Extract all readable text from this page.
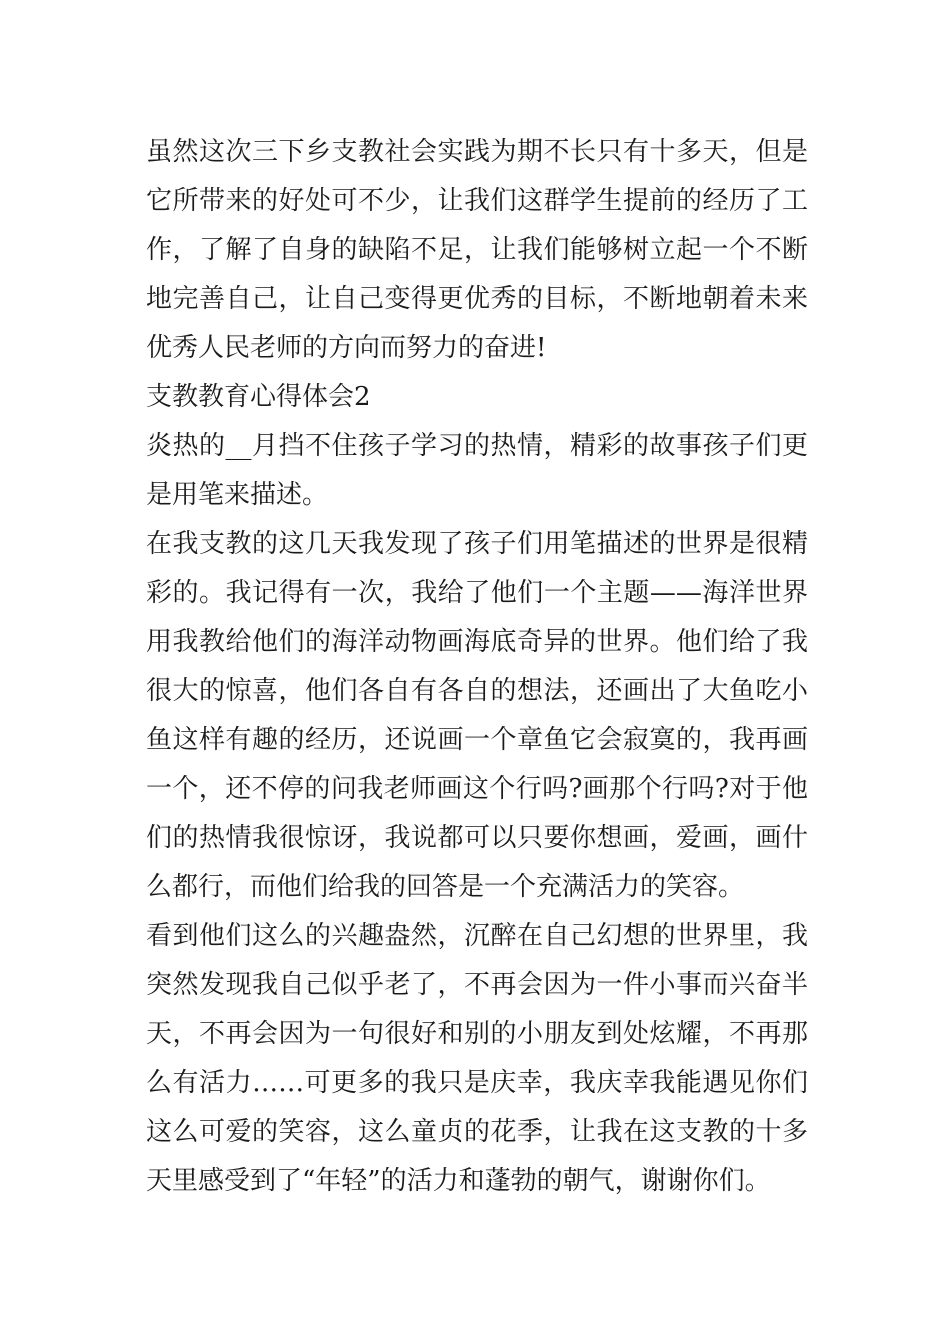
虽然这次三下乡支教社会实践为期不长只有十多天，但是它所带来的好处可不少，让我们这群学生提前的经历了工作，了解了自身的缺陷不足，让我们能够树立起一个不断地完善自己，让自己变得更优秀的目标，不断地朝着未来优秀人民老师的方向而努力的奋进!

支教教育心得体会2

炎热的__月挡不住孩子学习的热情，精彩的故事孩子们更是用笔来描述。

在我支教的这几天我发现了孩子们用笔描述的世界是很精彩的。我记得有一次，我给了他们一个主题——海洋世界用我教给他们的海洋动物画海底奇异的世界。他们给了我很大的惊喜，他们各自有各自的想法，还画出了大鱼吃小鱼这样有趣的经历，还说画一个章鱼它会寂寞的，我再画一个，还不停的问我老师画这个行吗?画那个行吗?对于他们的热情我很惊讶，我说都可以只要你想画，爱画，画什么都行，而他们给我的回答是一个充满活力的笑容。

看到他们这么的兴趣盎然，沉醉在自己幻想的世界里，我突然发现我自己似乎老了，不再会因为一件小事而兴奋半天，不再会因为一句很好和别的小朋友到处炫耀，不再那么有活力……可更多的我只是庆幸，我庆幸我能遇见你们这么可爱的笑容，这么童贞的花季，让我在这支教的十多天里感受到了“年轻”的活力和蓬勃的朝气，谢谢你们。
